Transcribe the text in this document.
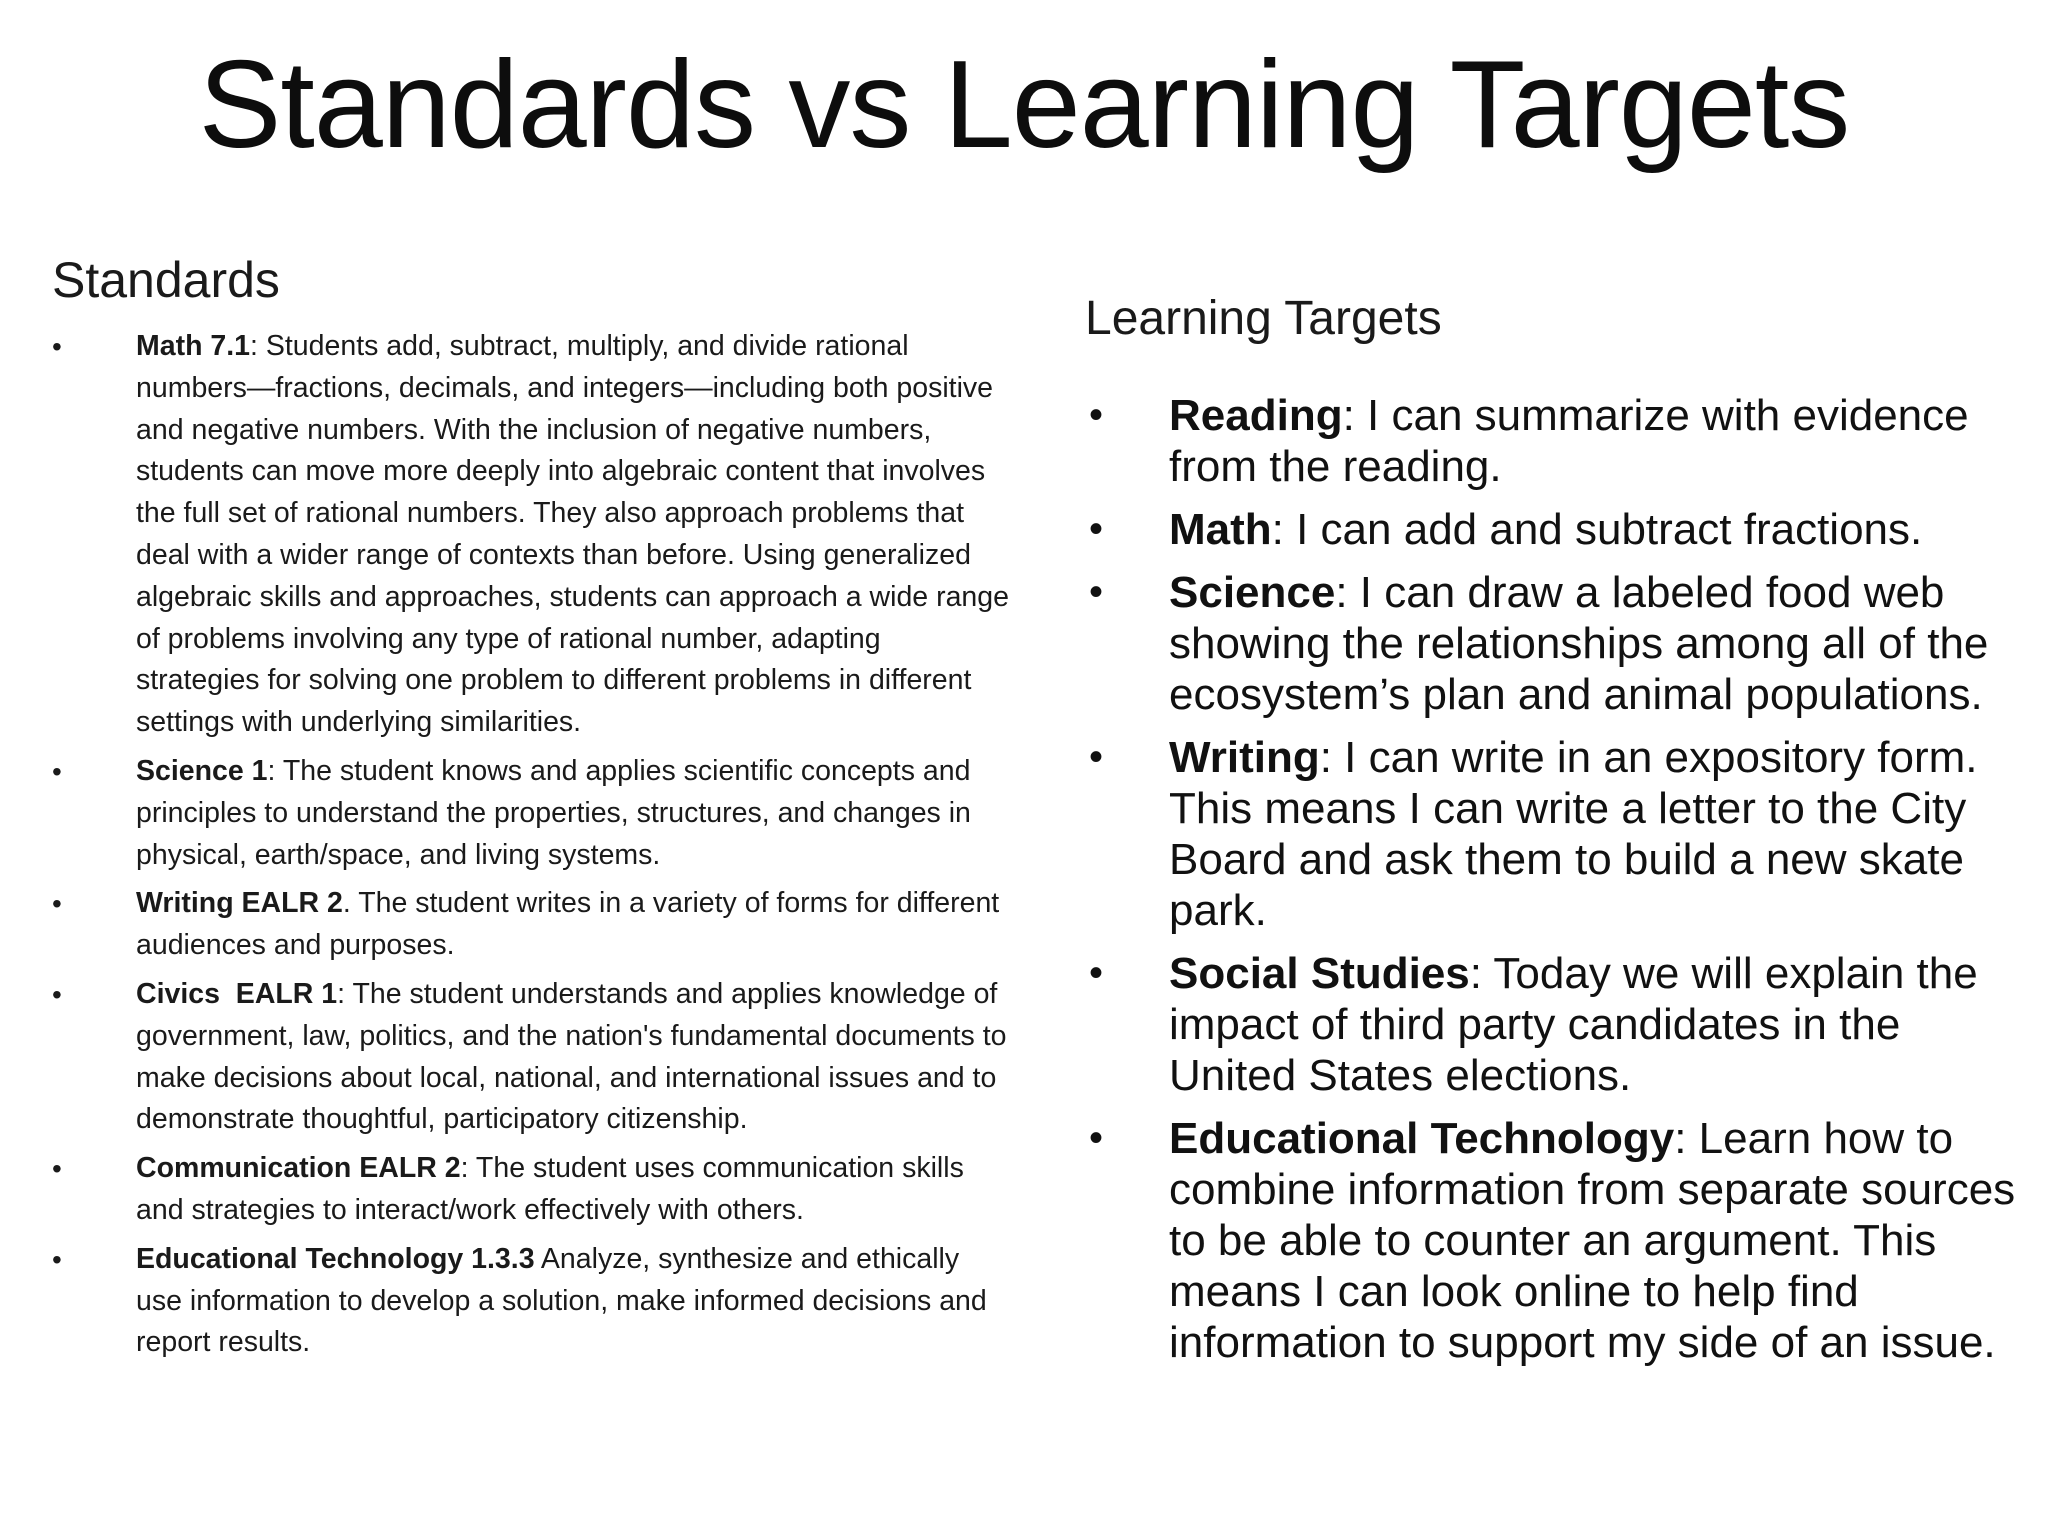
Standards vs Learning Targets
Standards
•	Math 7.1: Students add, subtract, multiply, and divide rational numbers—fractions, decimals, and integers—including both positive and negative numbers. With the inclusion of negative numbers, students can move more deeply into algebraic content that involves the full set of rational numbers. They also approach problems that deal with a wider range of contexts than before. Using generalized algebraic skills and approaches, students can approach a wide range of problems involving any type of rational number, adapting strategies for solving one problem to different problems in different settings with underlying similarities.
•	Science 1: The student knows and applies scientific concepts and principles to understand the properties, structures, and changes in physical, earth/space, and living systems.
•	Writing EALR 2. The student writes in a variety of forms for different audiences and purposes.
•	Civics  EALR 1: The student understands and applies knowledge of government, law, politics, and the nation's fundamental documents to make decisions about local, national, and international issues and to demonstrate thoughtful, participatory citizenship.
•	Communication EALR 2: The student uses communication skills and strategies to interact/work effectively with others.
•	Educational Technology 1.3.3 Analyze, synthesize and ethically use information to develop a solution, make informed decisions and report results.
Learning Targets
• Reading: I can summarize with evidence from the reading.
• Math: I can add and subtract fractions.
• Science: I can draw a labeled food web showing the relationships among all of the ecosystem’s plan and animal populations.
• Writing: I can write in an expository form. This means I can write a letter to the City Board and ask them to build a new skate park.
• Social Studies: Today we will explain the impact of third party candidates in the United States elections.
• Educational Technology: Learn how to combine information from separate sources to be able to counter an argument. This means I can look online to help find information to support my side of an issue.
